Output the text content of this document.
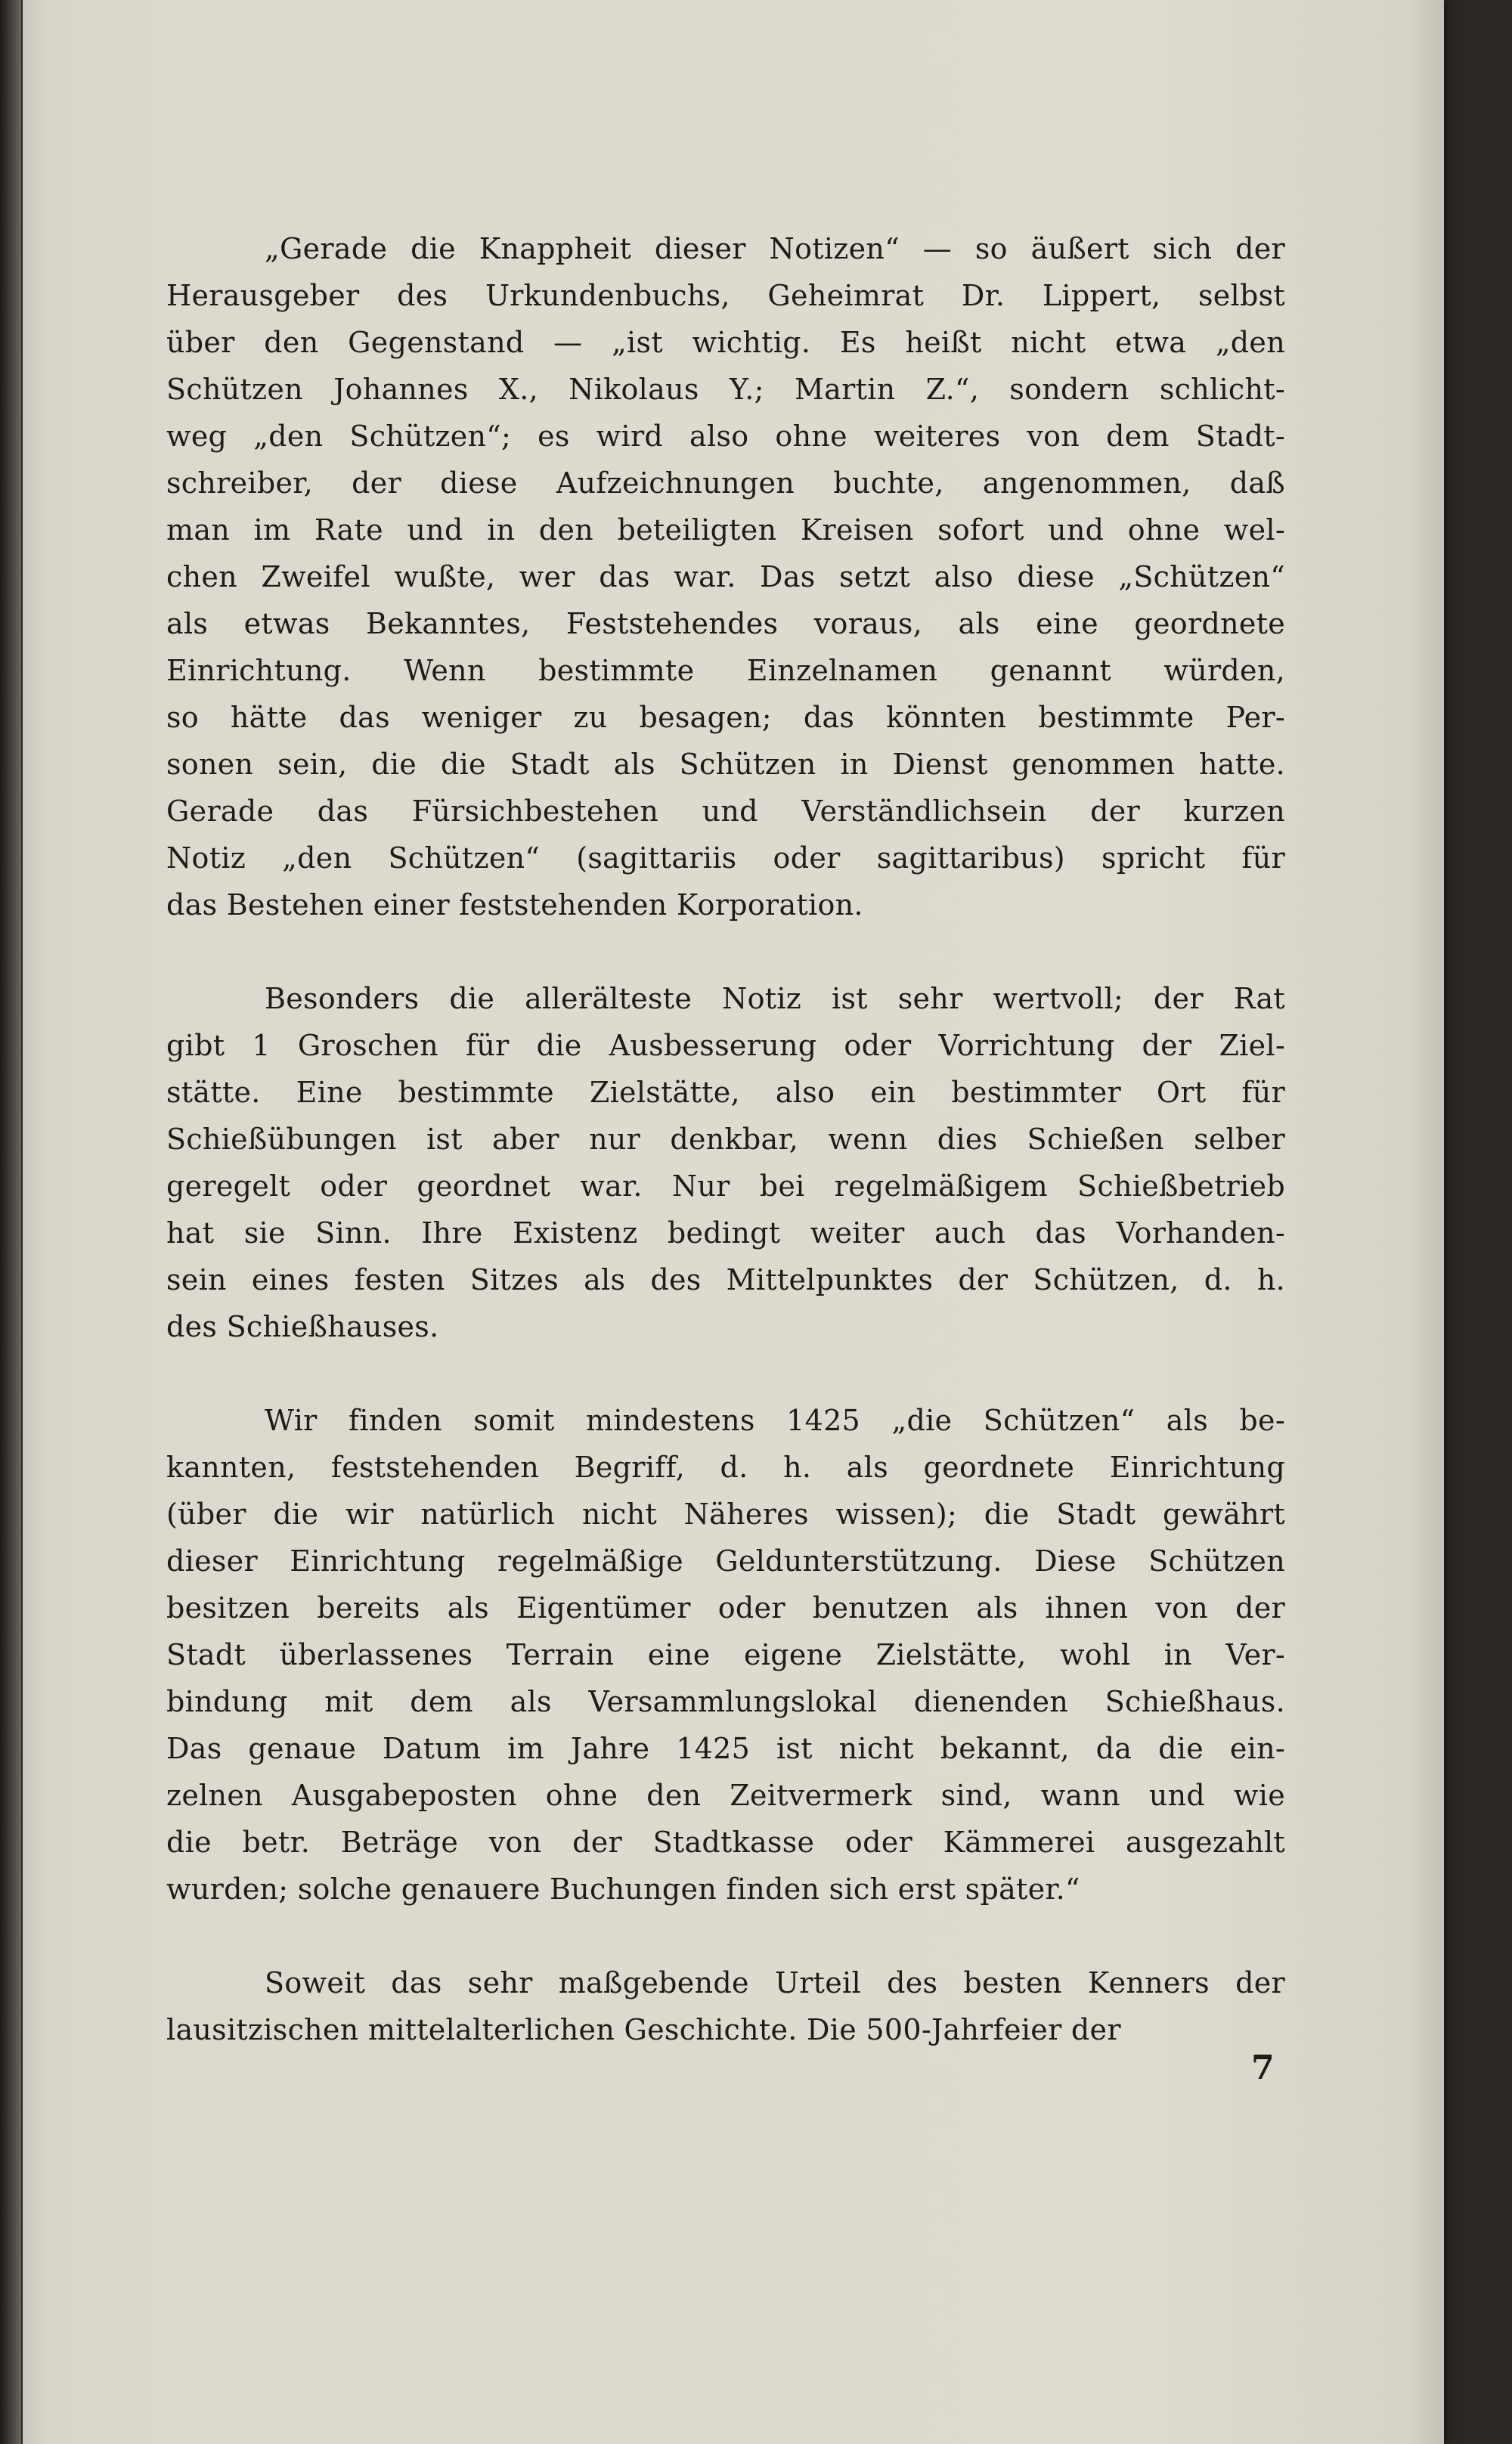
„Gerade die Knappheit dieser Notizen“ — so äußert sich der
Herausgeber des Urkundenbuchs, Geheimrat Dr. Lippert, selbst
über den Gegenstand — „ist wichtig. Es heißt nicht etwa „den
Schützen Johannes X., Nikolaus Y.; Martin Z.“, sondern schlicht-
weg „den Schützen“; es wird also ohne weiteres von dem Stadt-
schreiber, der diese Aufzeichnungen buchte, angenommen, daß
man im Rate und in den beteiligten Kreisen sofort und ohne wel-
chen Zweifel wußte, wer das war. Das setzt also diese „Schützen“
als etwas Bekanntes, Feststehendes voraus, als eine geordnete
Einrichtung. Wenn bestimmte Einzelnamen genannt würden,
so hätte das weniger zu besagen; das könnten bestimmte Per-
sonen sein, die die Stadt als Schützen in Dienst genommen hatte.
Gerade das Fürsichbestehen und Verständlichsein der kurzen
Notiz „den Schützen“ (sagittariis oder sagittaribus) spricht für
das Bestehen einer feststehenden Korporation.
Besonders die allerälteste Notiz ist sehr wertvoll; der Rat
gibt 1 Groschen für die Ausbesserung oder Vorrichtung der Ziel-
stätte. Eine bestimmte Zielstätte, also ein bestimmter Ort für
Schießübungen ist aber nur denkbar, wenn dies Schießen selber
geregelt oder geordnet war. Nur bei regelmäßigem Schießbetrieb
hat sie Sinn. Ihre Existenz bedingt weiter auch das Vorhanden-
sein eines festen Sitzes als des Mittelpunktes der Schützen, d. h.
des Schießhauses.
Wir finden somit mindestens 1425 „die Schützen“ als be-
kannten, feststehenden Begriff, d. h. als geordnete Einrichtung
(über die wir natürlich nicht Näheres wissen); die Stadt gewährt
dieser Einrichtung regelmäßige Geldunterstützung. Diese Schützen
besitzen bereits als Eigentümer oder benutzen als ihnen von der
Stadt überlassenes Terrain eine eigene Zielstätte, wohl in Ver-
bindung mit dem als Versammlungslokal dienenden Schießhaus.
Das genaue Datum im Jahre 1425 ist nicht bekannt, da die ein-
zelnen Ausgabeposten ohne den Zeitvermerk sind, wann und wie
die betr. Beträge von der Stadtkasse oder Kämmerei ausgezahlt
wurden; solche genauere Buchungen finden sich erst später.“
Soweit das sehr maßgebende Urteil des besten Kenners der
lausitzischen mittelalterlichen Geschichte. Die 500-Jahrfeier der
7
